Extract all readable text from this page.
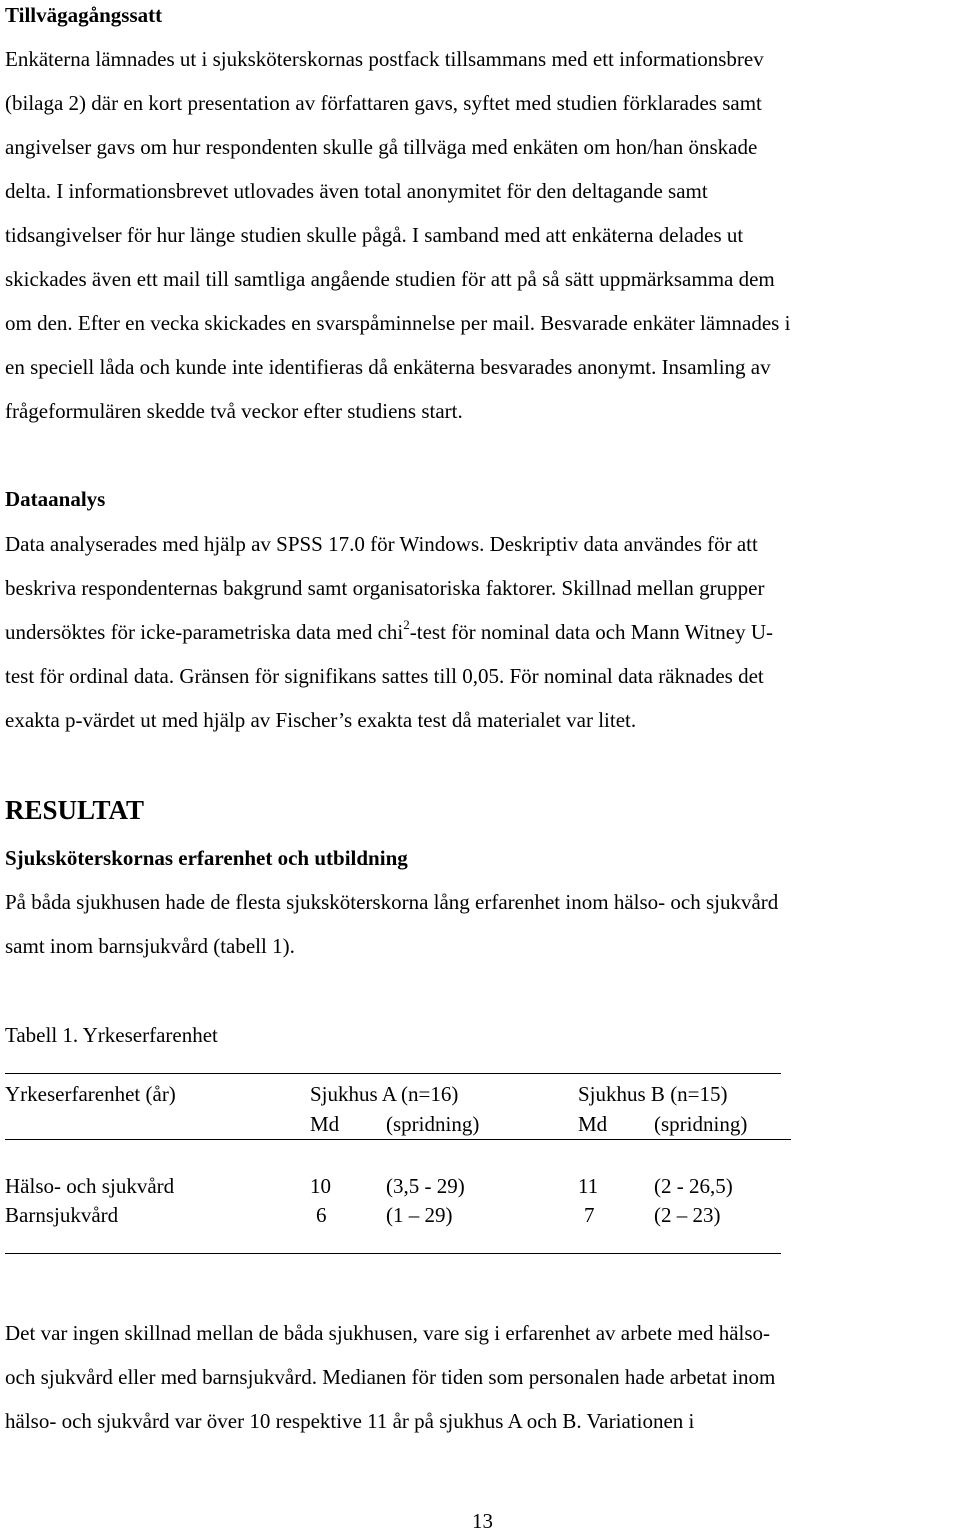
Tillvägagångssatt
Enkäterna lämnades ut i sjuksköterskornas postfack tillsammans med ett informationsbrev
(bilaga 2) där en kort presentation av författaren gavs, syftet med studien förklarades samt
angivelser gavs om hur respondenten skulle gå tillväga med enkäten om hon/han önskade
delta. I informationsbrevet utlovades även total anonymitet för den deltagande samt
tidsangivelser för hur länge studien skulle pågå. I samband med att enkäterna delades ut
skickades även ett mail till samtliga angående studien för att på så sätt uppmärksamma dem
om den. Efter en vecka skickades en svarspåminnelse per mail. Besvarade enkäter lämnades i
en speciell låda och kunde inte identifieras då enkäterna besvarades anonymt. Insamling av
frågeformulären skedde två veckor efter studiens start.
Dataanalys
Data analyserades med hjälp av SPSS 17.0 för Windows. Deskriptiv data användes för att
beskriva respondenternas bakgrund samt organisatoriska faktorer. Skillnad mellan grupper
undersöktes för icke-parametriska data med chi$^2$-test för nominal data och Mann Witney U-
test för ordinal data. Gränsen för signifikans sattes till 0,05. För nominal data räknades det
exakta p-värdet ut med hjälp av Fischer’s exakta test då materialet var litet.
RESULTAT
Sjuksköterskornas erfarenhet och utbildning
På båda sjukhusen hade de flesta sjuksköterskorna lång erfarenhet inom hälso- och sjukvård
samt inom barnsjukvård (tabell 1).
Tabell 1. Yrkeserfarenhet
Yrkeserfarenhet (år)	Sjukhus A (n=16)	Sjukhus B (n=15)
Md (spridning)	Md (spridning)
Hälso- och sjukvård	10	(3,5 - 29)	11	(2 - 26,5)
Barnsjukvård	6	(1 – 29)	7	(2 – 23)
Det var ingen skillnad mellan de båda sjukhusen, vare sig i erfarenhet av arbete med hälso-
och sjukvård eller med barnsjukvård. Medianen för tiden som personalen hade arbetat inom
hälso- och sjukvård var över 10 respektive 11 år på sjukhus A och B. Variationen i
13
